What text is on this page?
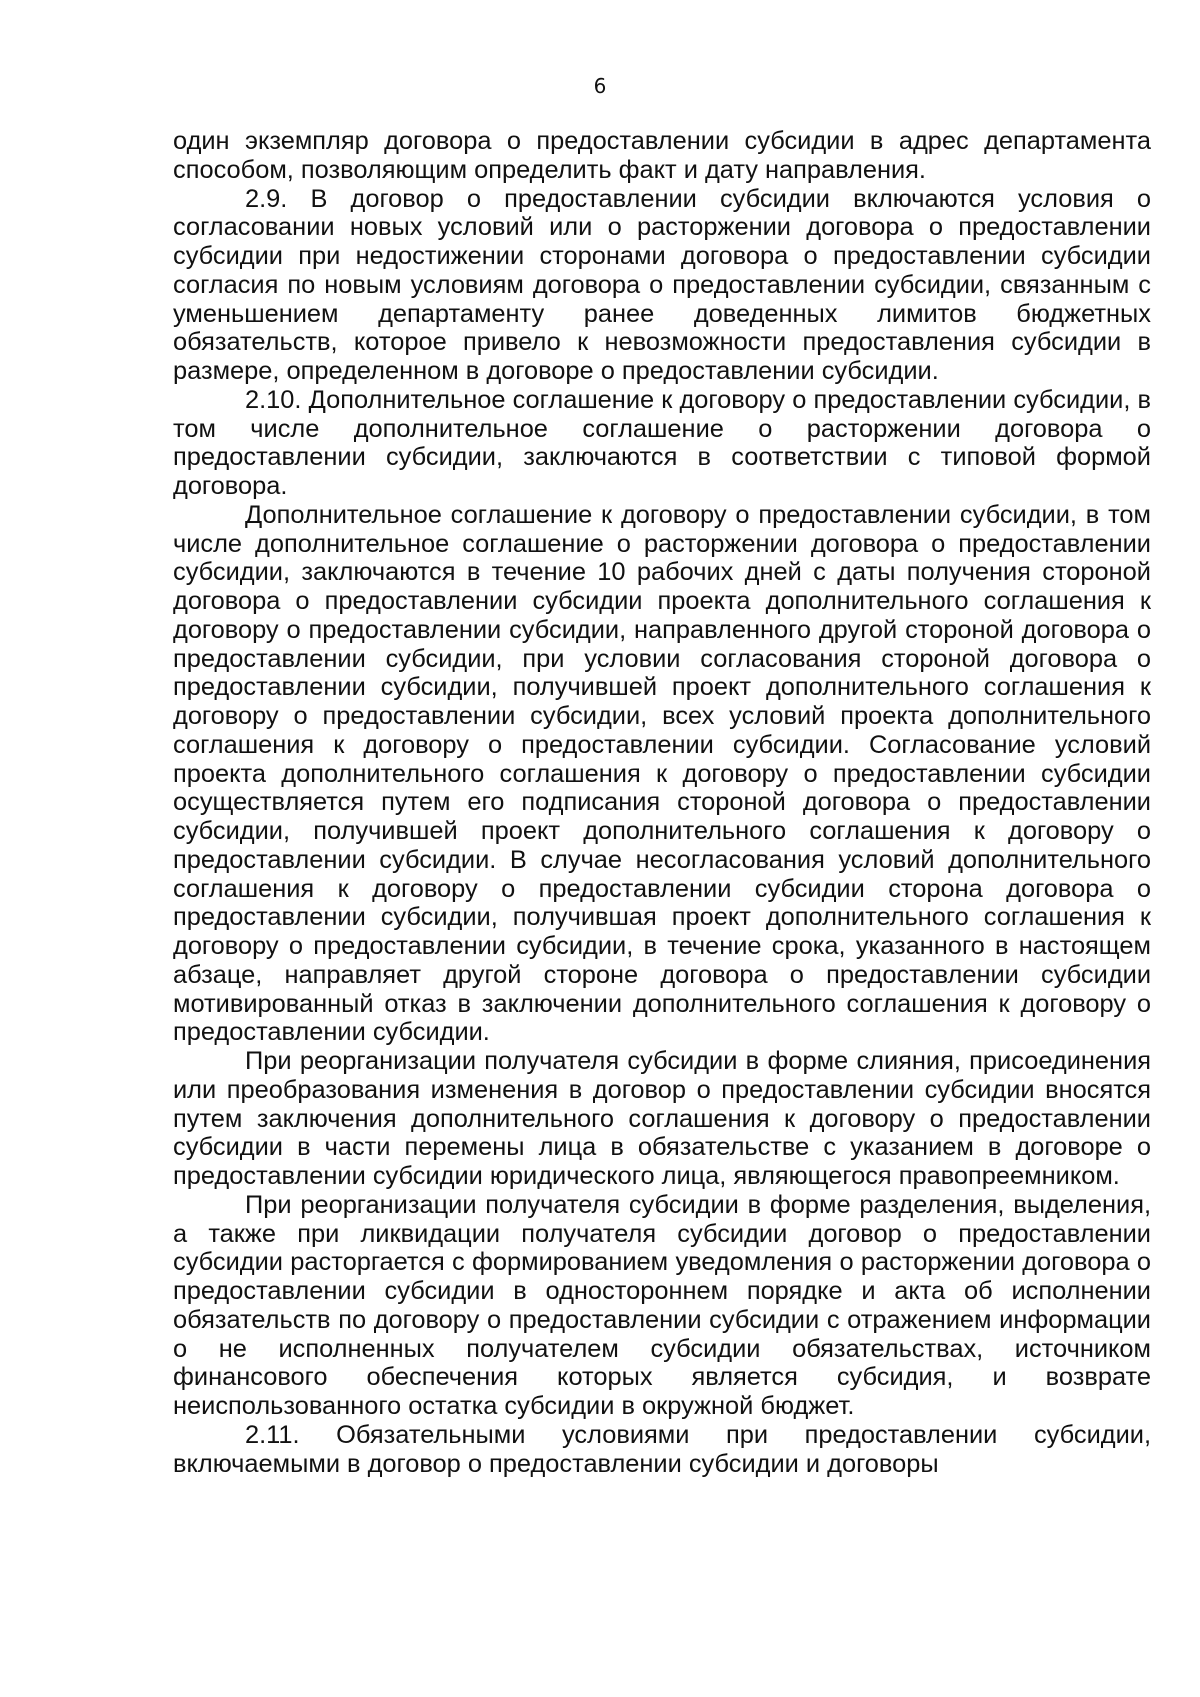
6

один экземпляр договора о предоставлении субсидии в адрес департамента способом, позволяющим определить факт и дату направления.

2.9. В договор о предоставлении субсидии включаются условия о согласовании новых условий или о расторжении договора о предоставлении субсидии при недостижении сторонами договора о предоставлении субсидии согласия по новым условиям договора о предоставлении субсидии, связанным с уменьшением департаменту ранее доведенных лимитов бюджетных обязательств, которое привело к невозможности предоставления субсидии в размере, определенном в договоре о предоставлении субсидии.

2.10. Дополнительное соглашение к договору о предоставлении субсидии, в том числе дополнительное соглашение о расторжении договора о предоставлении субсидии, заключаются в соответствии с типовой формой договора.

Дополнительное соглашение к договору о предоставлении субсидии, в том числе дополнительное соглашение о расторжении договора о предоставлении субсидии, заключаются в течение 10 рабочих дней с даты получения стороной договора о предоставлении субсидии проекта дополнительного соглашения к договору о предоставлении субсидии, направленного другой стороной договора о предоставлении субсидии, при условии согласования стороной договора о предоставлении субсидии, получившей проект дополнительного соглашения к договору о предоставлении субсидии, всех условий проекта дополнительного соглашения к договору о предоставлении субсидии. Согласование условий проекта дополнительного соглашения к договору о предоставлении субсидии осуществляется путем его подписания стороной договора о предоставлении субсидии, получившей проект дополнительного соглашения к договору о предоставлении субсидии. В случае несогласования условий дополнительного соглашения к договору о предоставлении субсидии сторона договора о предоставлении субсидии, получившая проект дополнительного соглашения к договору о предоставлении субсидии, в течение срока, указанного в настоящем абзаце, направляет другой стороне договора о предоставлении субсидии мотивированный отказ в заключении дополнительного соглашения к договору о предоставлении субсидии.

При реорганизации получателя субсидии в форме слияния, присоединения или преобразования изменения в договор о предоставлении субсидии вносятся путем заключения дополнительного соглашения к договору о предоставлении субсидии в части перемены лица в обязательстве с указанием в договоре о предоставлении субсидии юридического лица, являющегося правопреемником.

При реорганизации получателя субсидии в форме разделения, выделения, а также при ликвидации получателя субсидии договор о предоставлении субсидии расторгается с формированием уведомления о расторжении договора о предоставлении субсидии в одностороннем порядке и акта об исполнении обязательств по договору о предоставлении субсидии с отражением информации о не исполненных получателем субсидии обязательствах, источником финансового обеспечения которых является субсидия, и возврате неиспользованного остатка субсидии в окружной бюджет.

2.11. Обязательными условиями при предоставлении субсидии, включаемыми в договор о предоставлении субсидии и договоры
